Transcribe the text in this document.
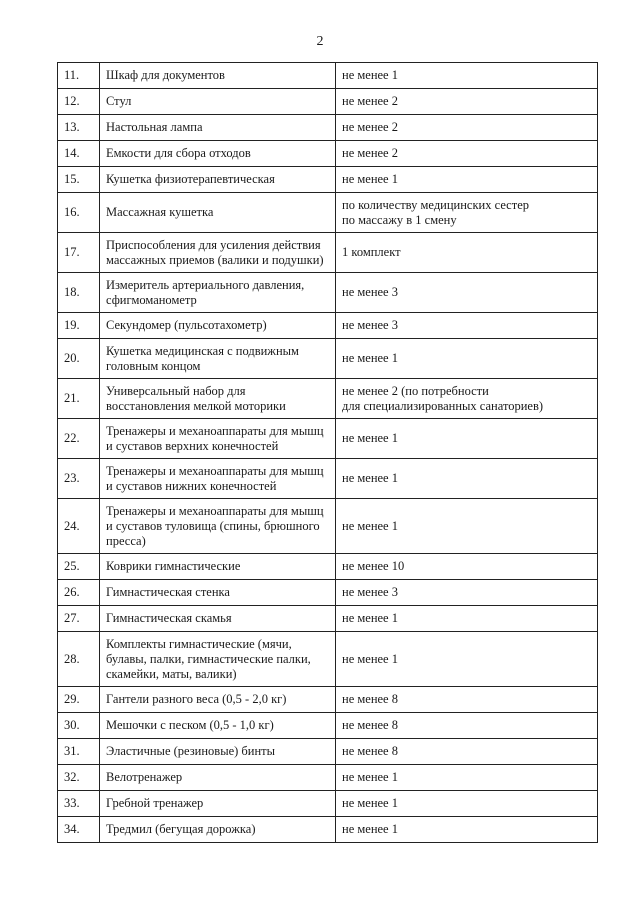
2
11.	Шкаф для документов	не менее 1
12.	Стул	не менее 2
13.	Настольная лампа	не менее 2
14.	Емкости для сбора отходов	не менее 2
15.	Кушетка физиотерапевтическая	не менее 1
16.	Массажная кушетка	по количеству медицинских сестер
по массажу в 1 смену
17.	Приспособления для усиления действия
массажных приемов (валики и подушки)	1 комплект
18.	Измеритель артериального давления,
сфигмоманометр	не менее 3
19.	Секундомер (пульсотахометр)	не менее 3
20.	Кушетка медицинская с подвижным
головным концом	не менее 1
21.	Универсальный набор для
восстановления мелкой моторики	не менее 2 (по потребности
для специализированных санаториев)
22.	Тренажеры и механоаппараты для мышц
и суставов верхних конечностей	не менее 1
23.	Тренажеры и механоаппараты для мышц
и суставов нижних конечностей	не менее 1
24.	Тренажеры и механоаппараты для мышц
и суставов туловища (спины, брюшного
пресса)	не менее 1
25.	Коврики гимнастические	не менее 10
26.	Гимнастическая стенка	не менее 3
27.	Гимнастическая скамья	не менее 1
28.	Комплекты гимнастические (мячи,
булавы, палки, гимнастические палки,
скамейки, маты, валики)	не менее 1
29.	Гантели разного веса (0,5 - 2,0 кг)	не менее 8
30.	Мешочки с песком (0,5 - 1,0 кг)	не менее 8
31.	Эластичные (резиновые) бинты	не менее 8
32.	Велотренажер	не менее 1
33.	Гребной тренажер	не менее 1
34.	Тредмил (бегущая дорожка)	не менее 1
